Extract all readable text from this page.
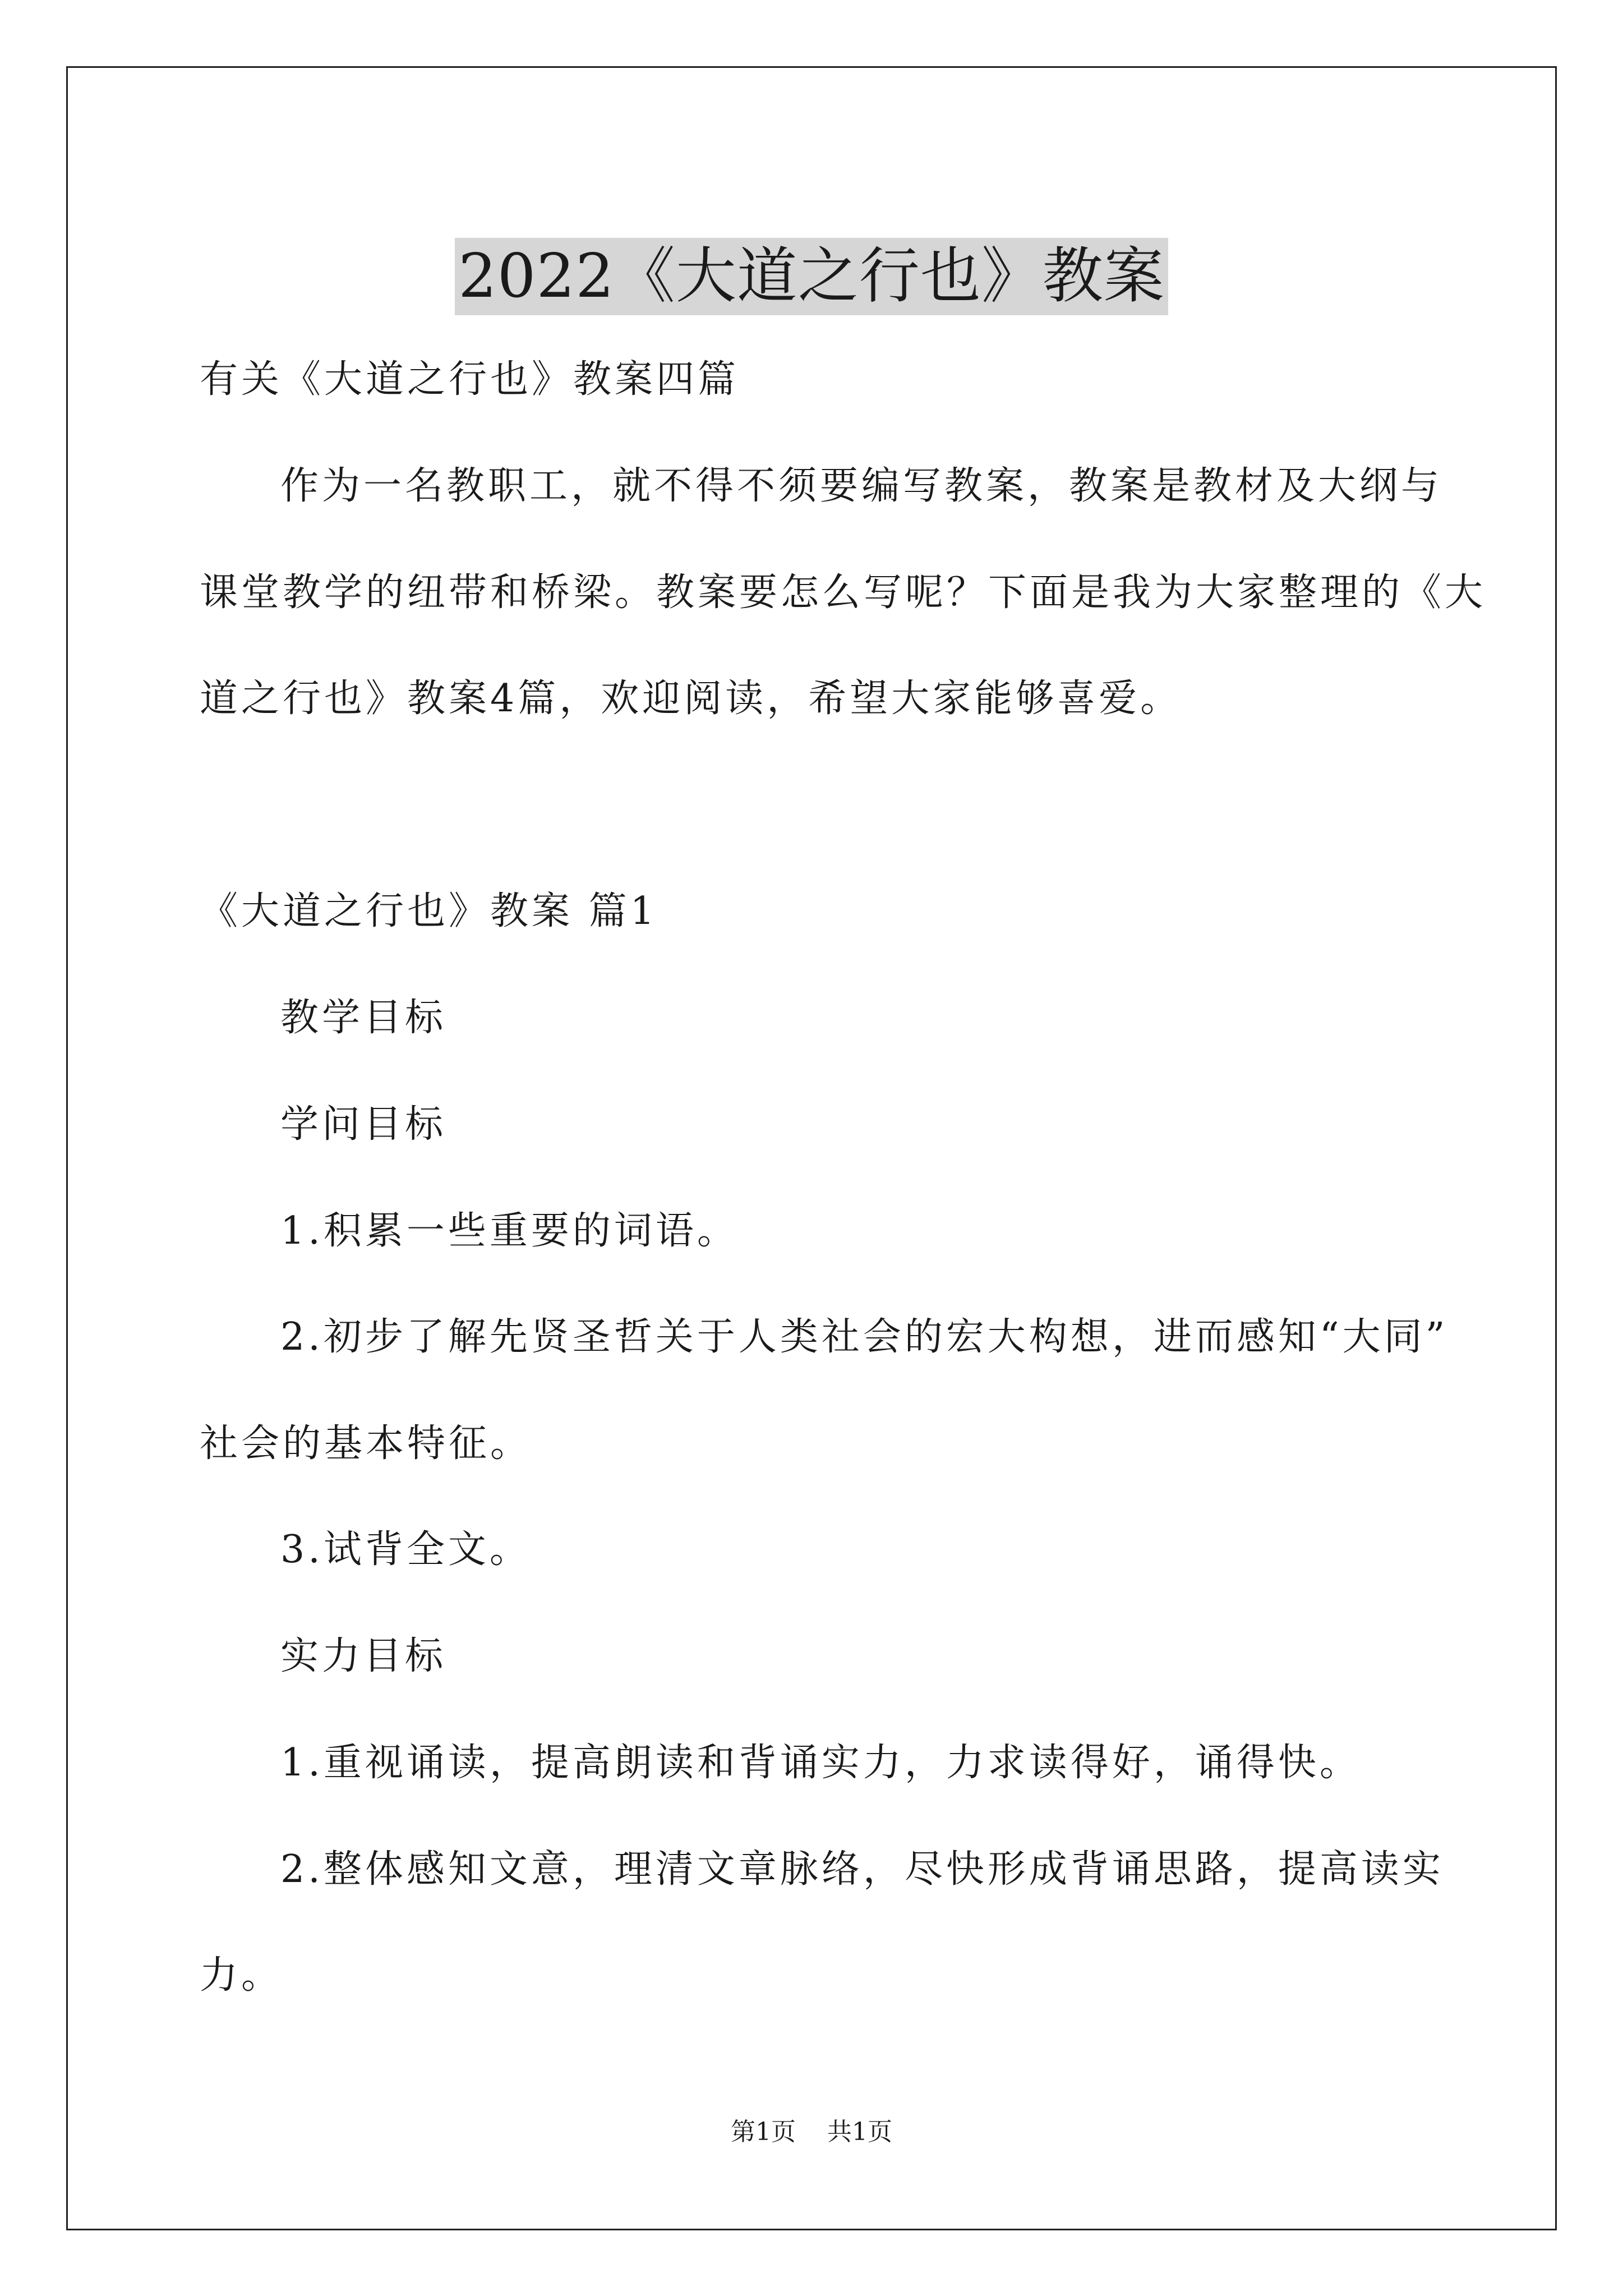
2022《大道之行也》教案
有关《大道之行也》教案四篇
作为一名教职工，就不得不须要编写教案，教案是教材及大纲与
课堂教学的纽带和桥梁。教案要怎么写呢？下面是我为大家整理的《大
道之行也》教案4篇，欢迎阅读，希望大家能够喜爱。
《大道之行也》教案 篇1
教学目标
学问目标
1.积累一些重要的词语。
2.初步了解先贤圣哲关于人类社会的宏大构想，进而感知“大同”
社会的基本特征。
3.试背全文。
实力目标
1.重视诵读，提高朗读和背诵实力，力求读得好，诵得快。
2.整体感知文意，理清文章脉络，尽快形成背诵思路，提高读实
力。
第1页 共1页
